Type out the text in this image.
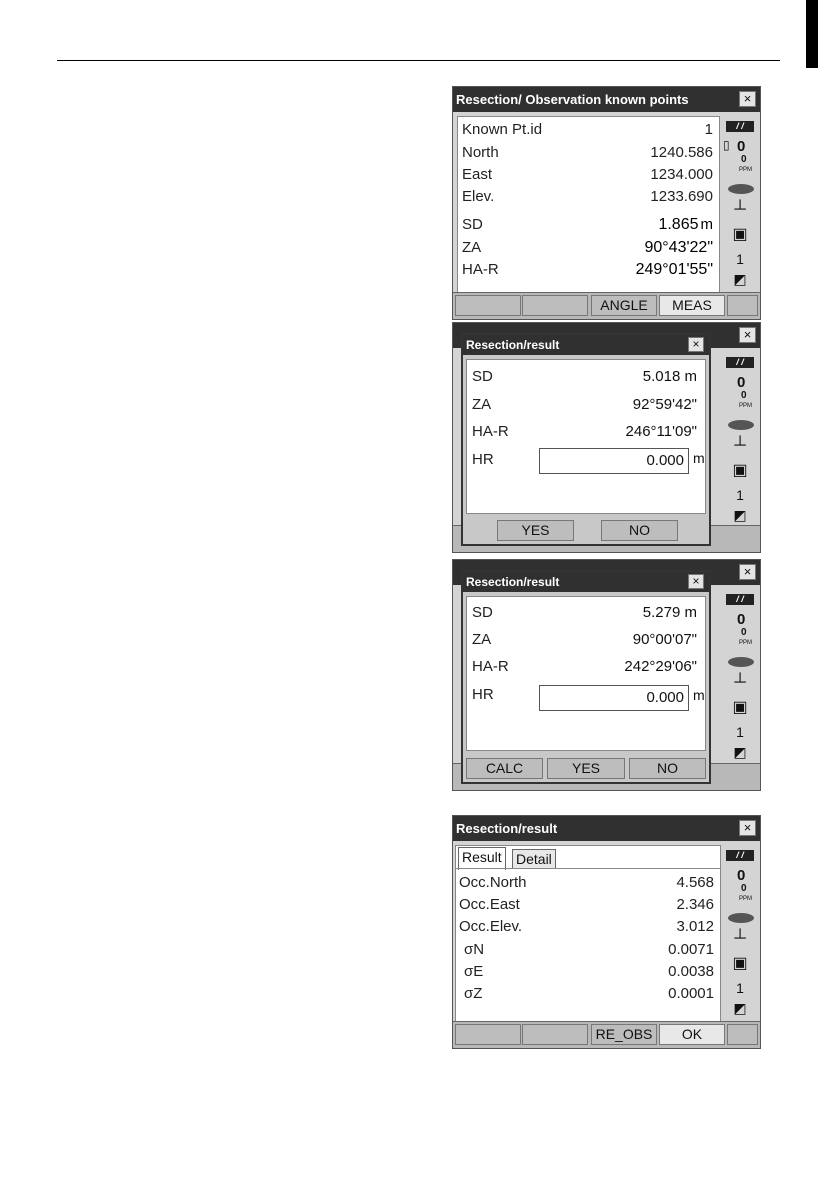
Resection/ Observation known points	×
Known Pt.id	1
North	1240.586
East	1234.000
Elev.	1233.690
SD	1.865 m
ZA	90°43'22"
HA-R	249°01'55"
/ /
▯ 0
0
PPM
┴
▣
1
◩
ANGLE	MEAS
×
/ /
0
0
PPM
┴
▣
1
◩
Resection/result	×
SD	5.018 m
ZA	92°59'42"
HA-R	246°11'09"
HR	0.000 m
YES	NO
×
/ /
0
0
PPM
┴
▣
1
◩
Resection/result	×
SD	5.279 m
ZA	90°00'07"
HA-R	242°29'06"
HR	0.000 m
CALC	YES	NO
Resection/result	×
Result Detail
Occ.North	4.568
Occ.East	2.346
Occ.Elev.	3.012
σN	0.0071
σE	0.0038
σZ	0.0001
/ /
0
0
PPM
┴
▣
1
◩
RE_OBS	OK
